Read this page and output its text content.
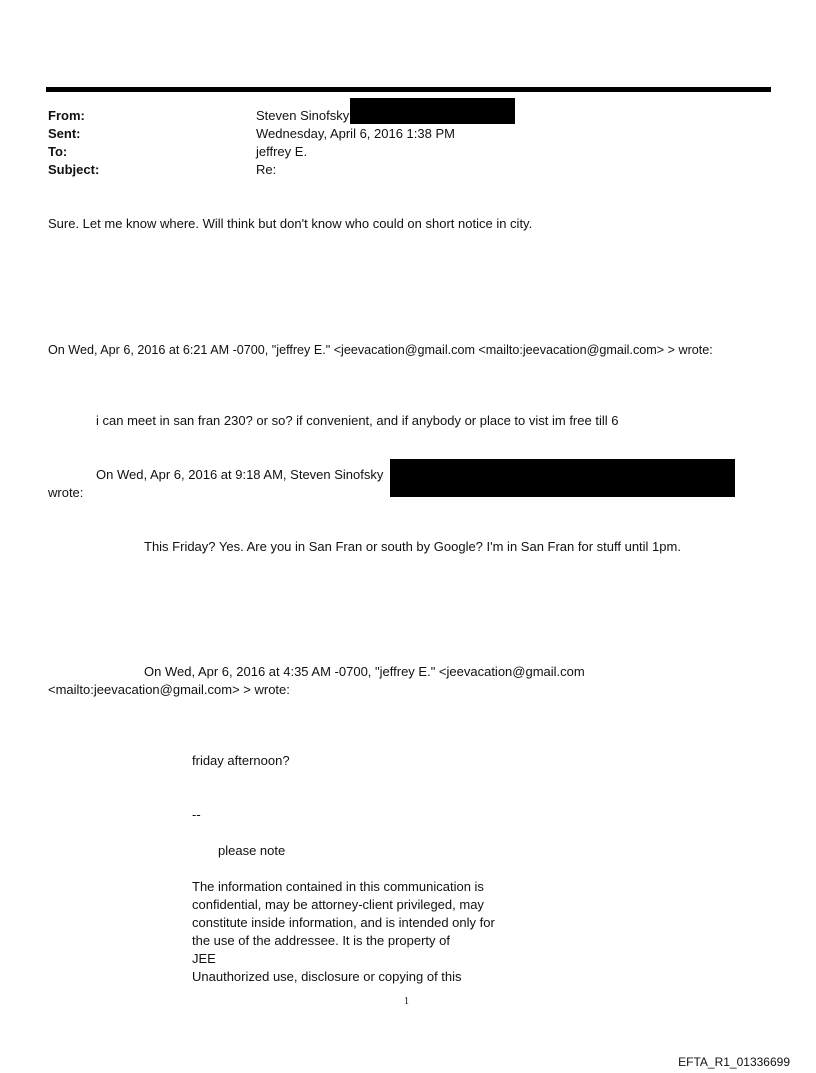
From:	Steven Sinofsky
Sent:	Wednesday, April 6, 2016 1:38 PM
To:	jeffrey E.
Subject:	Re:
Sure. Let me know where. Will think but don't know who could on short notice in city.
On Wed, Apr 6, 2016 at 6:21 AM -0700, "jeffrey E." <jeevacation@gmail.com <mailto:jeevacation@gmail.com> > wrote:
i can meet in san fran 230? or so? if convenient, and if anybody or place to vist im free till 6
On Wed, Apr 6, 2016 at 9:18 AM, Steven Sinofsky
wrote:
This Friday? Yes. Are you in San Fran or south by Google? I'm in San Fran for stuff until 1pm.
On Wed, Apr 6, 2016 at 4:35 AM -0700, "jeffrey E." <jeevacation@gmail.com
<mailto:jeevacation@gmail.com> > wrote:
friday afternoon?
--
please note
The information contained in this communication is
confidential, may be attorney-client privileged, may
constitute inside information, and is intended only for
the use of the addressee. It is the property of
JEE
Unauthorized use, disclosure or copying of this
1
EFTA_R1_01336699
